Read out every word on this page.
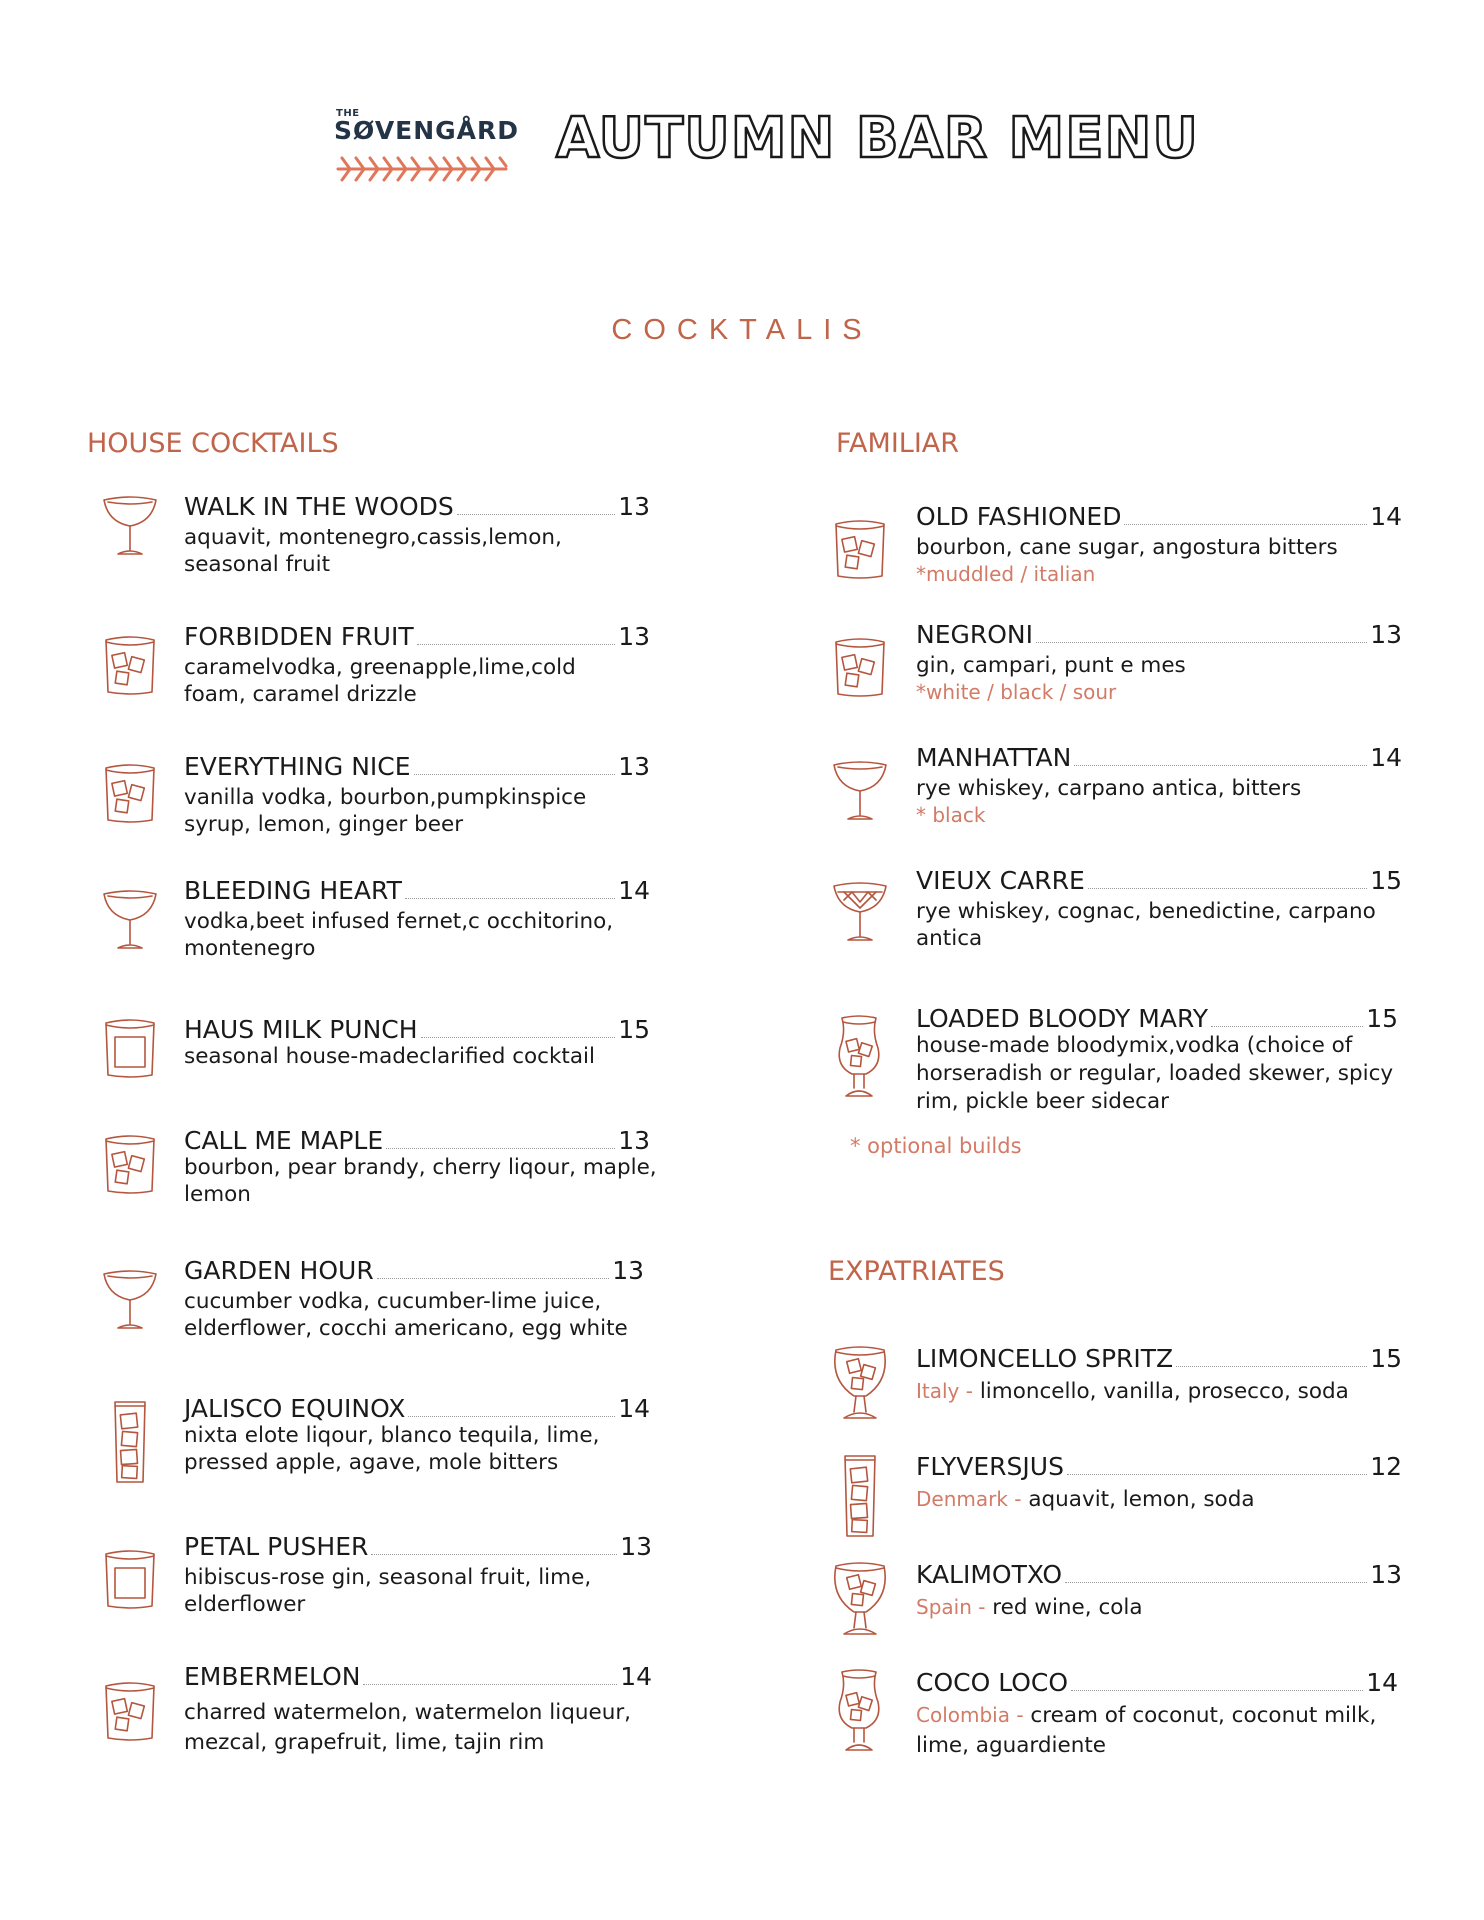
THE
SØVENGÅRD AUTUMN BAR MENU
COCKTALIS
HOUSE COCKTAILS	FAMILIAR
EXPATRIATES
WALK IN THE WOODS	13
aquavit, montenegro,cassis,lemon, seasonal fruit
FORBIDDEN FRUIT	13
caramelvodka, greenapple,lime,cold foam, caramel drizzle
EVERYTHING NICE	13
vanilla vodka, bourbon,pumpkinspice syrup, lemon, ginger beer
BLEEDING HEART	14
vodka,beet infused fernet,c occhitorino, montenegro
HAUS MILK PUNCH	15
seasonal house-madeclarified cocktail
CALL ME MAPLE	13
bourbon, pear brandy, cherry liqour, maple, lemon
GARDEN HOUR	13
cucumber vodka, cucumber-lime juice, elderflower, cocchi americano, egg white
JALISCO EQUINOX	14
nixta elote liqour, blanco tequila, lime, pressed apple, agave, mole bitters
PETAL PUSHER	13
hibiscus-rose gin, seasonal fruit, lime, elderflower
EMBERMELON	14
charred watermelon, watermelon liqueur, mezcal, grapefruit, lime, tajin rim
OLD FASHIONED	14
bourbon, cane sugar, angostura bitters
*muddled / italian
NEGRONI	13
gin, campari, punt e mes
*white / black / sour
MANHATTAN	14
rye whiskey, carpano antica, bitters
* black
VIEUX CARRE	15
rye whiskey, cognac, benedictine, carpano antica
LOADED BLOODY MARY	15
house-made bloodymix,vodka (choice of horseradish or regular, loaded skewer, spicy rim, pickle beer sidecar
* optional builds
LIMONCELLO SPRITZ	15
Italy - limoncello, vanilla, prosecco, soda
FLYVERSJUS	12
Denmark - aquavit, lemon, soda
KALIMOTXO	13
Spain - red wine, cola
COCO LOCO	14
Colombia - cream of coconut, coconut milk, lime, aguardiente
